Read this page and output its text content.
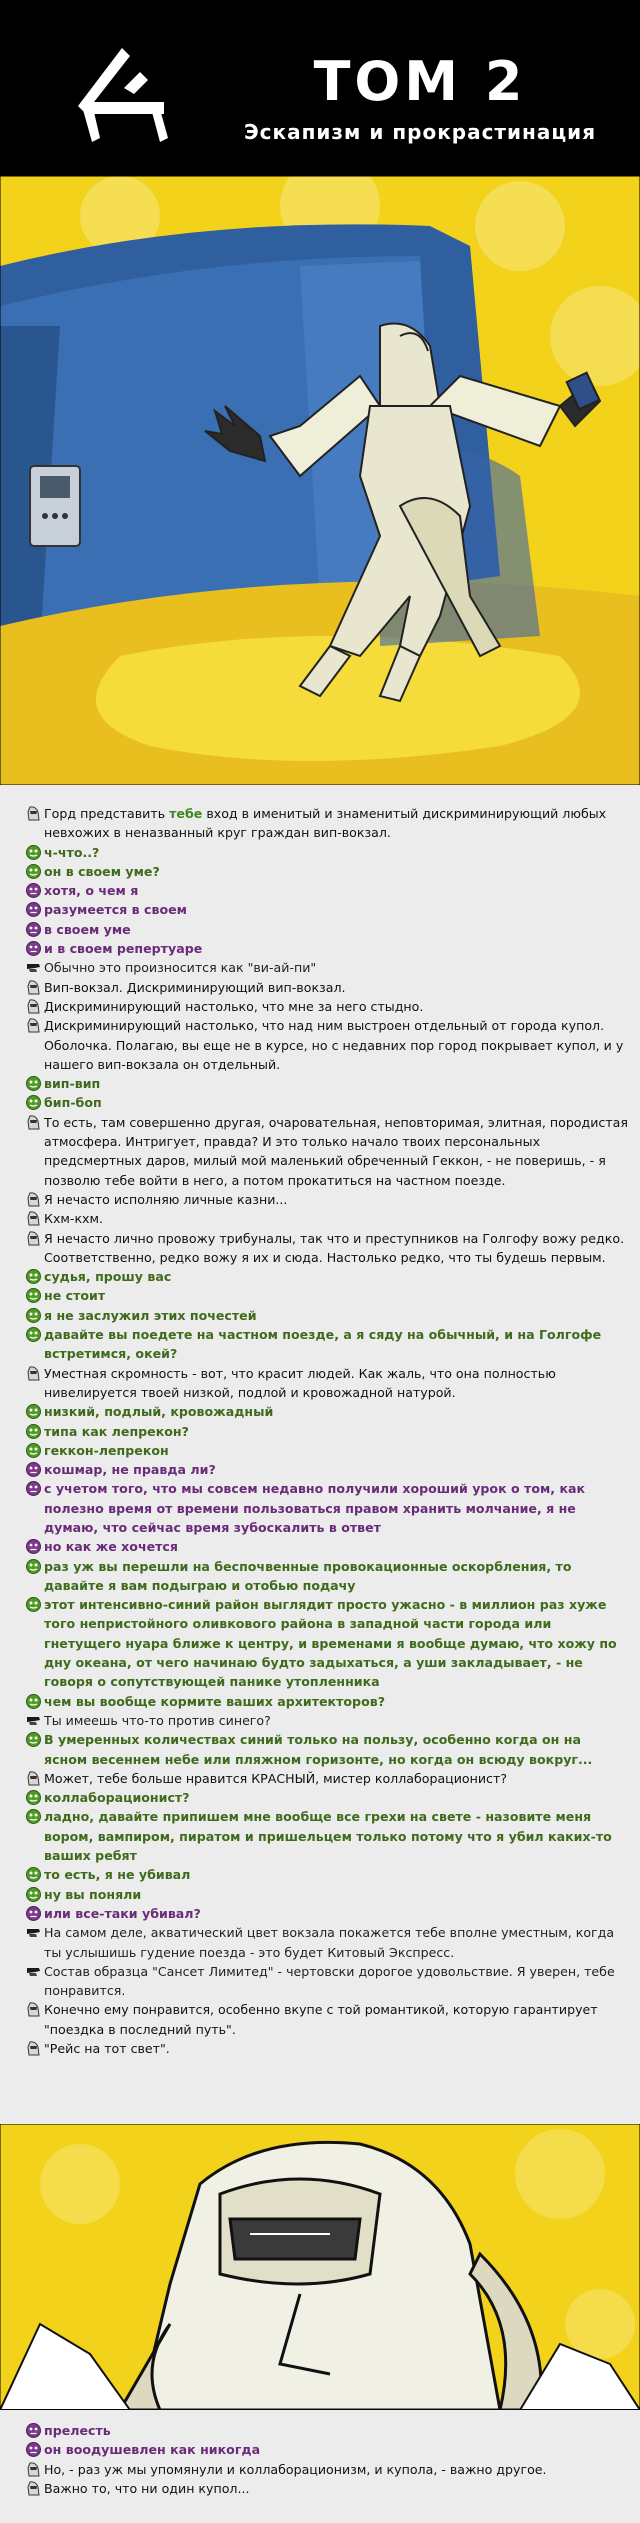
ТОМ 2
Эскапизм и прокрастинация
Горд представить тебе вход в именитый и знаменитый дискриминирующий любых невхожих в неназванный круг граждан вип-вокзал.
ч-что..?
он в своем уме?
хотя, о чем я
разумеется в своем
в своем уме
и в своем репертуаре
Обычно это произносится как "ви-ай-пи"
Вип-вокзал. Дискриминирующий вип-вокзал.
Дискриминирующий настолько, что мне за него стыдно.
Дискриминирующий настолько, что над ним выстроен отдельный от города купол. Оболочка. Полагаю, вы еще не в курсе, но с недавних пор город покрывает купол, и у нашего вип-вокзала он отдельный.
вип-вип
бип-боп
То есть, там совершенно другая, очаровательная, неповторимая, элитная, породистая атмосфера. Интригует, правда? И это только начало твоих персональных предсмертных даров, милый мой маленький обреченный Геккон, - не поверишь, - я позволю тебе войти в него, а потом прокатиться на частном поезде.
Я нечасто исполняю личные казни...
Кхм-кхм.
Я нечасто лично провожу трибуналы, так что и преступников на Голгофу вожу редко. Соответственно, редко вожу я их и сюда. Настолько редко, что ты будешь первым.
судья, прошу вас
не стоит
я не заслужил этих почестей
давайте вы поедете на частном поезде, а я сяду на обычный, и на Голгофе встретимся, окей?
Уместная скромность - вот, что красит людей. Как жаль, что она полностью нивелируется твоей низкой, подлой и кровожадной натурой.
низкий, подлый, кровожадный
типа как лепрекон?
геккон-лепрекон
кошмар, не правда ли?
с учетом того, что мы совсем недавно получили хороший урок о том, как полезно время от времени пользоваться правом хранить молчание, я не думаю, что сейчас время зубоскалить в ответ
но как же хочется
раз уж вы перешли на беспочвенные провокационные оскорбления, то давайте я вам подыграю и отобью подачу
этот интенсивно-синий район выглядит просто ужасно - в миллион раз хуже того непристойного оливкового района в западной части города или гнетущего нуара ближе к центру, и временами я вообще думаю, что хожу по дну океана, от чего начинаю будто задыхаться, а уши закладывает, - не говоря о сопутствующей панике утопленника
чем вы вообще кормите ваших архитекторов?
Ты имеешь что-то против синего?
В умеренных количествах синий только на пользу, особенно когда он на ясном весеннем небе или пляжном горизонте, но когда он всюду вокруг...
Может, тебе больше нравится КРАСНЫЙ, мистер коллаборационист?
коллаборационист?
ладно, давайте припишем мне вообще все грехи на свете - назовите меня вором, вампиром, пиратом и пришельцем только потому что я убил каких-то ваших ребят
то есть, я не убивал
ну вы поняли
или все-таки убивал?
На самом деле, акватический цвет вокзала покажется тебе вполне уместным, когда ты услышишь гудение поезда - это будет Китовый Экспресс.
Состав образца "Сансет Лимитед" - чертовски дорогое удовольствие. Я уверен, тебе понравится.
Конечно ему понравится, особенно вкупе с той романтикой, которую гарантирует "поездка в последний путь".
"Рейс на тот свет".
прелесть
он воодушевлен как никогда
Но, - раз уж мы упомянули и коллаборационизм, и купола, - важно другое.
Важно то, что ни один купол...
